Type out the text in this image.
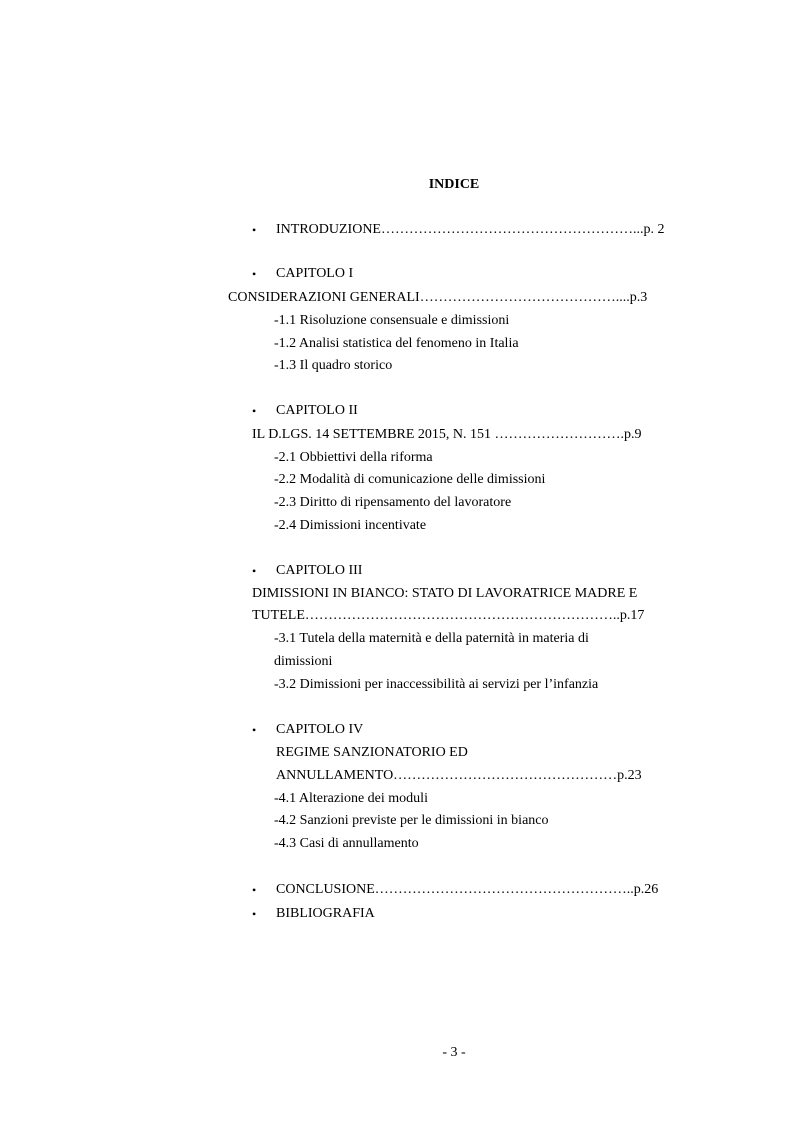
INDICE
• INTRODUZIONE………………………………………………...p. 2
• CAPITOLO I
CONSIDERAZIONI GENERALI……………………………………....p.3
-1.1 Risoluzione consensuale e dimissioni
-1.2 Analisi statistica del fenomeno in Italia
-1.3 Il quadro storico
• CAPITOLO II
IL D.LGS. 14 SETTEMBRE 2015, N. 151 ……………………….p.9
-2.1 Obbiettivi della riforma
-2.2 Modalità di comunicazione delle dimissioni
-2.3 Diritto di ripensamento del lavoratore
-2.4 Dimissioni incentivate
• CAPITOLO III
DIMISSIONI IN BIANCO: STATO DI LAVORATRICE MADRE E
TUTELE…………………………………………………………..p.17
-3.1 Tutela della maternità e della paternità in materia di
dimissioni
-3.2 Dimissioni per inaccessibilità ai servizi per l’infanzia
• CAPITOLO IV
REGIME SANZIONATORIO ED
ANNULLAMENTO…………………………………………p.23
-4.1 Alterazione dei moduli
-4.2 Sanzioni previste per le dimissioni in bianco
-4.3 Casi di annullamento
• CONCLUSIONE………………………………………………..p.26
• BIBLIOGRAFIA
- 3 -
